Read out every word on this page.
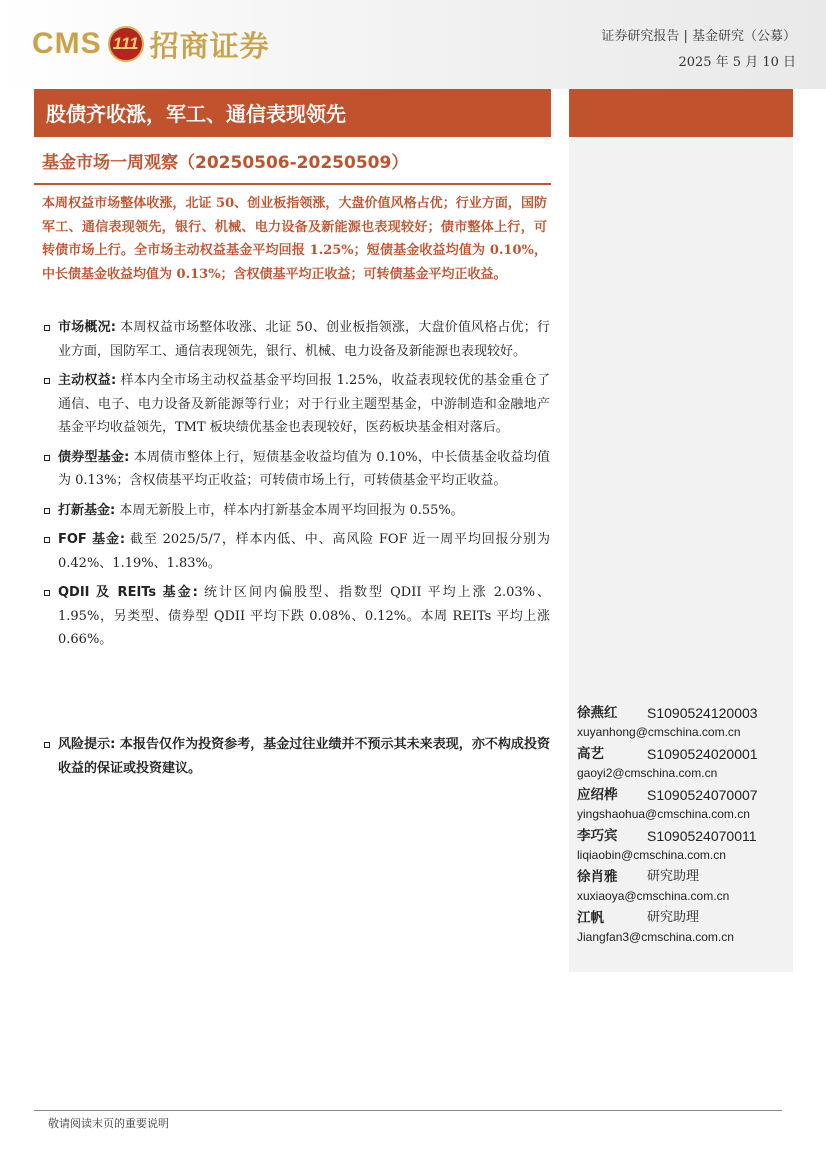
CMS 111 招商证券	证券研究报告 | 基金研究（公募）
2025 年 5 月 10 日
股债齐收涨，军工、通信表现领先
基金市场一周观察（20250506-20250509）
本周权益市场整体收涨，北证 50、创业板指领涨，大盘价值风格占优；行业方面，国防军工、通信表现领先，银行、机械、电力设备及新能源也表现较好；债市整体上行，可转债市场上行。全市场主动权益基金平均回报 1.25%；短债基金收益均值为 0.10%，中长债基金收益均值为 0.13%；含权债基平均正收益；可转债基金平均正收益。
市场概况: 本周权益市场整体收涨、北证 50、创业板指领涨，大盘价值风格占优；行业方面，国防军工、通信表现领先，银行、机械、电力设备及新能源也表现较好。
主动权益: 样本内全市场主动权益基金平均回报 1.25%，收益表现较优的基金重仓了通信、电子、电力设备及新能源等行业；对于行业主题型基金，中游制造和金融地产基金平均收益领先，TMT 板块绩优基金也表现较好，医药板块基金相对落后。
债券型基金: 本周债市整体上行，短债基金收益均值为 0.10%，中长债基金收益均值为 0.13%；含权债基平均正收益；可转债市场上行，可转债基金平均正收益。
打新基金: 本周无新股上市，样本内打新基金本周平均回报为 0.55%。
FOF 基金: 截至 2025/5/7，样本内低、中、高风险 FOF 近一周平均回报分别为 0.42%、1.19%、1.83%。
QDII 及 REITs 基金: 统计区间内偏股型、指数型 QDII 平均上涨 2.03%、1.95%，另类型、债券型 QDII 平均下跌 0.08%、0.12%。本周 REITs 平均上涨 0.66%。
风险提示: 本报告仅作为投资参考，基金过往业绩并不预示其未来表现，亦不构成投资收益的保证或投资建议。
徐燕红	S1090524120003
xuyanhong@cmschina.com.cn
高艺	S1090524020001
gaoyi2@cmschina.com.cn
应绍桦	S1090524070007
yingshaohua@cmschina.com.cn
李巧宾	S1090524070011
liqiaobin@cmschina.com.cn
徐肖雅	研究助理
xuxiaoya@cmschina.com.cn
江帆	研究助理
Jiangfan3@cmschina.com.cn
敬请阅读末页的重要说明
